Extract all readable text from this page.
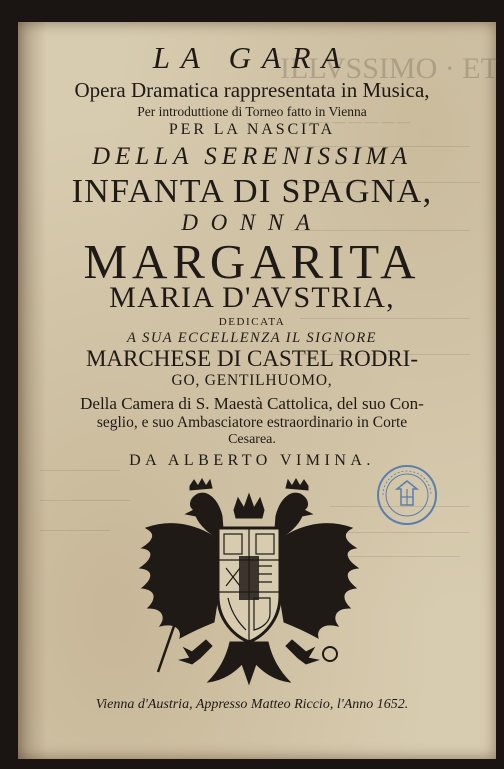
ILLVSSIMO · ET
— — — — — — —
LA GARA
Opera Dramatica rappresentata in Musica,
Per introduttione di Torneo fatto in Vienna
PER LA NASCITA
DELLA SERENISSIMA
INFANTA DI SPAGNA,
DONNA
MARGARITA
MARIA D'AVSTRIA,
DEDICATA
A SUA ECCELLENZA IL SIGNORE
MARCHESE DI CASTEL RODRI-
GO, GENTILHUOMO,
Della Camera di S. Maestà Cattolica, del suo Con-
seglio, e suo Ambasciatore estraordinario in Corte
Cesarea.
DA ALBERTO VIMINA.
Vienna d'Austria, Appresso Matteo Riccio, l'Anno 1652.
